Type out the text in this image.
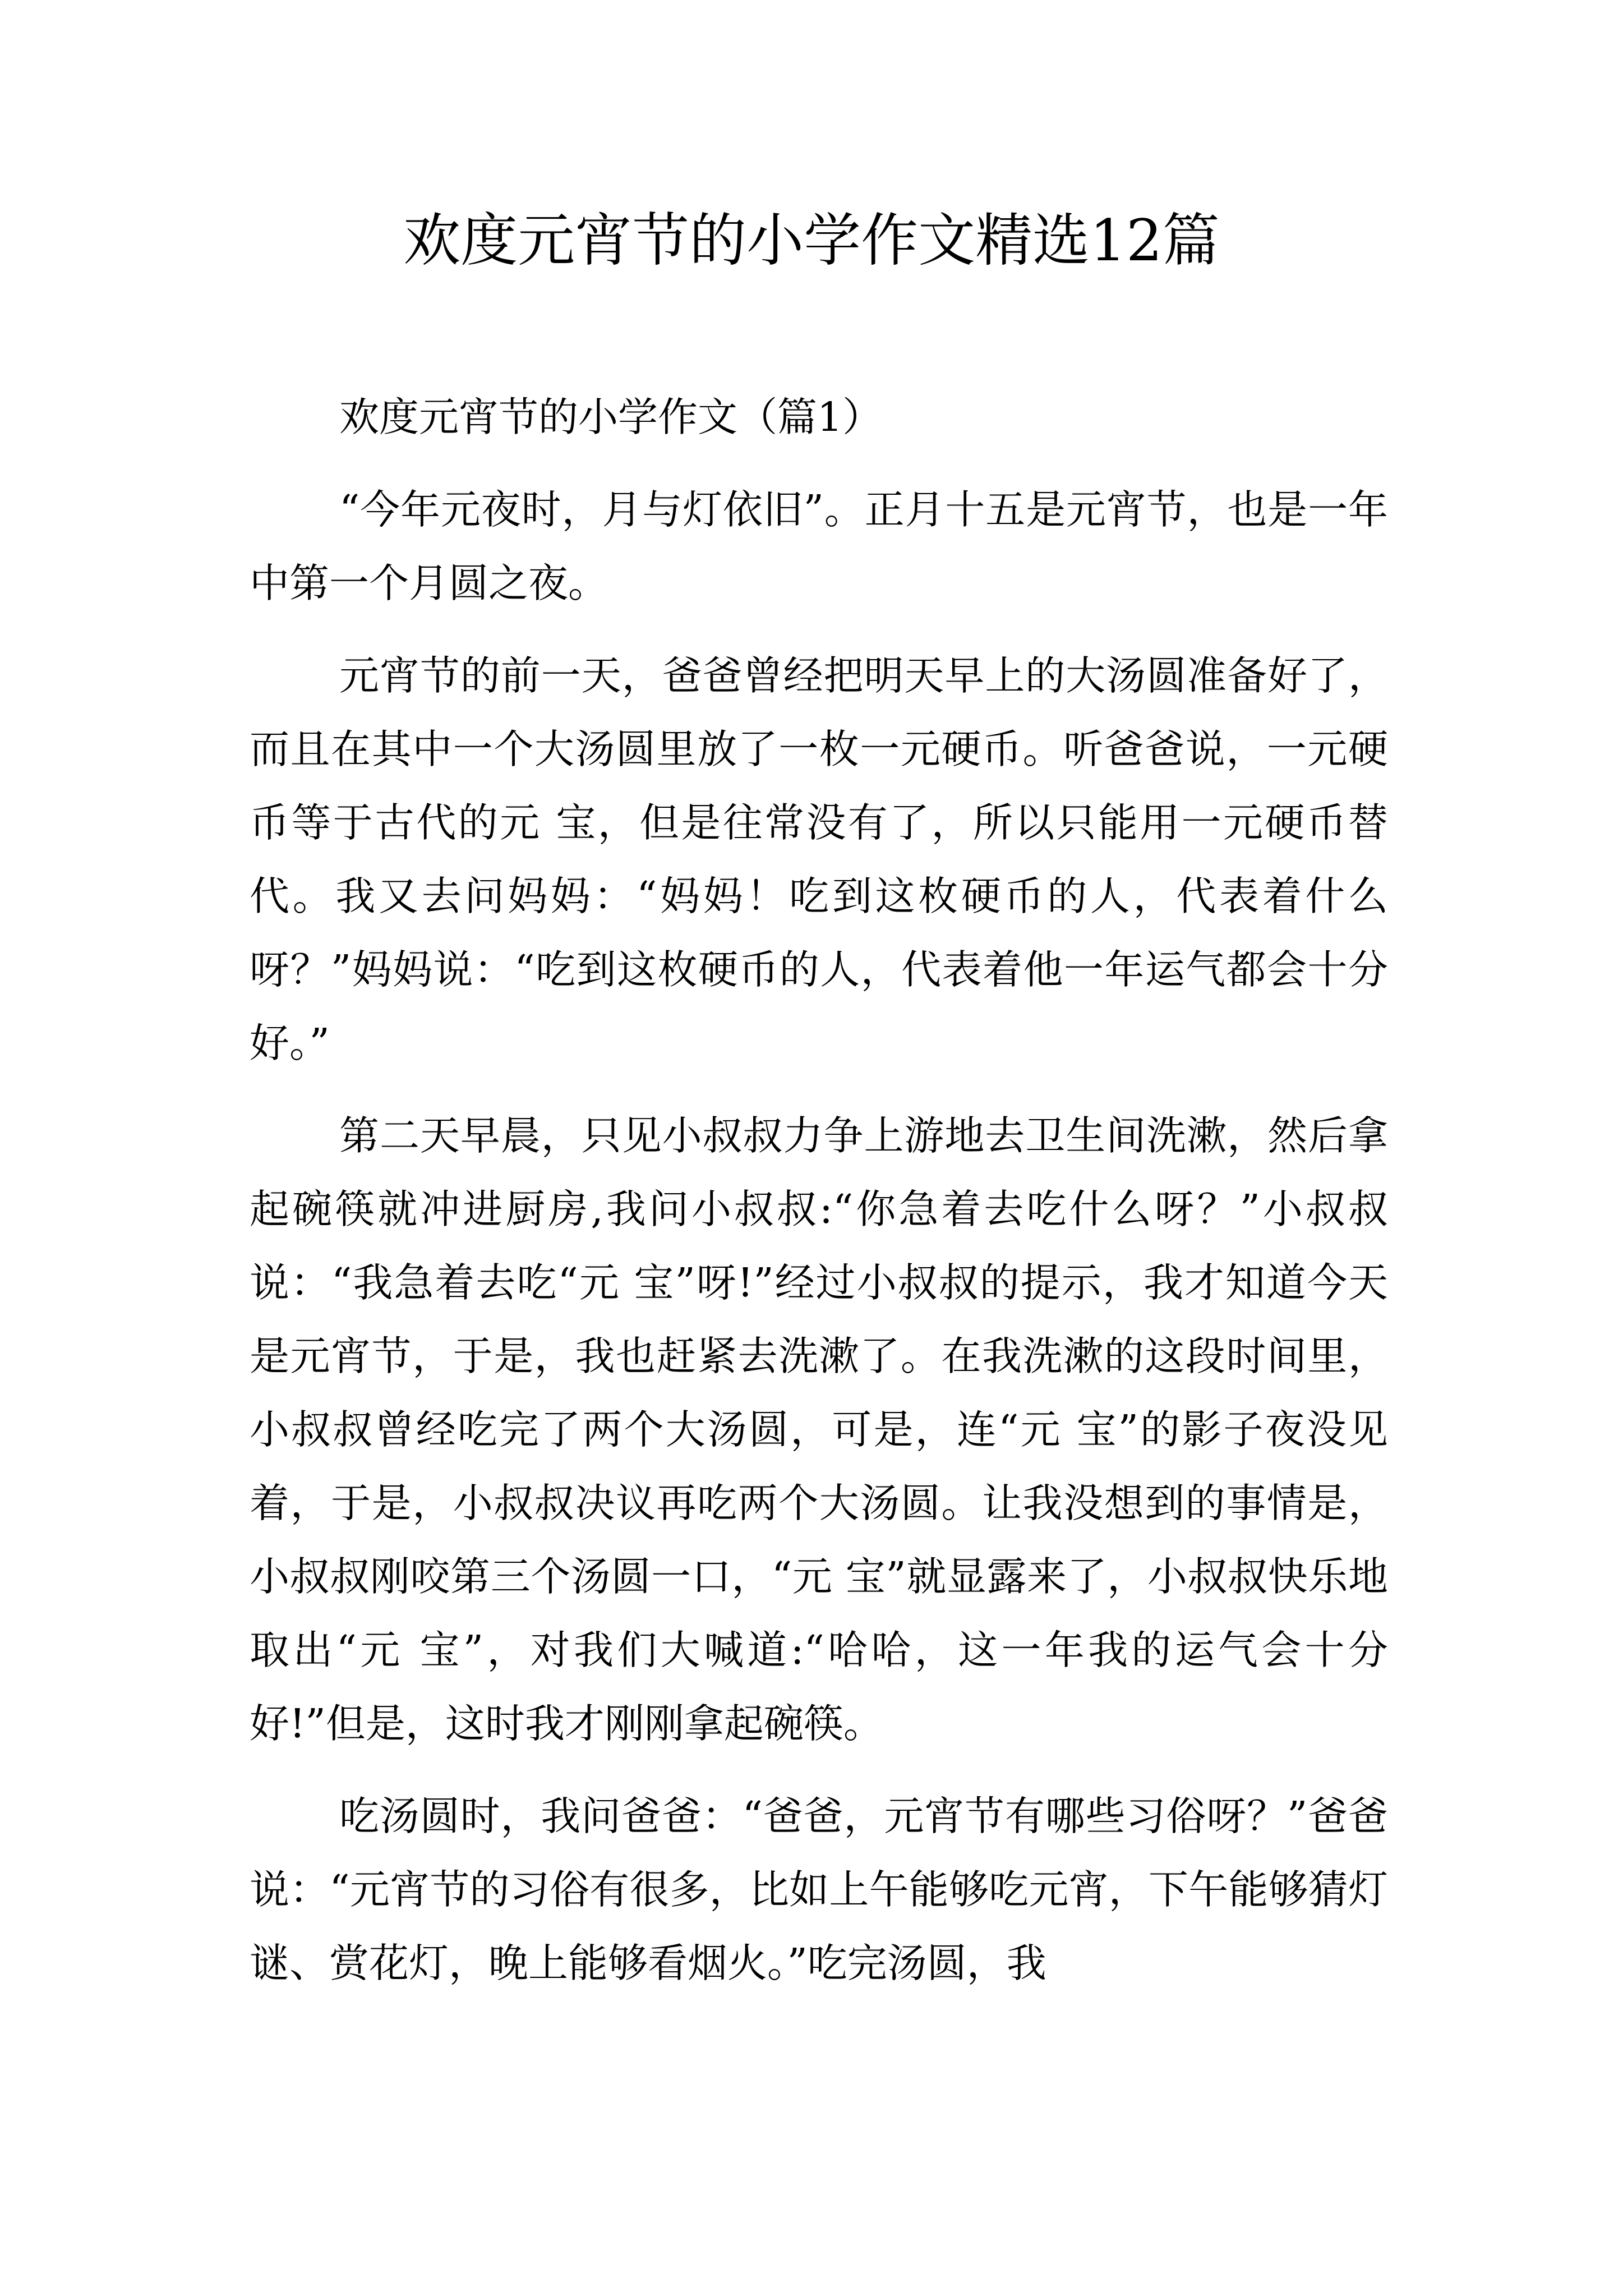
欢度元宵节的小学作文精选12篇

欢度元宵节的小学作文（篇1）

“今年元夜时，月与灯依旧”。正月十五是元宵节，也是一年中第一个月圆之夜。

元宵节的前一天，爸爸曾经把明天早上的大汤圆准备好了，而且在其中一个大汤圆里放了一枚一元硬币。听爸爸说，一元硬币等于古代的元 宝，但是往常没有了，所以只能用一元硬币替代。我又去问妈妈：“妈妈！吃到这枚硬币的人，代表着什么呀？”妈妈说：“吃到这枚硬币的人，代表着他一年运气都会十分好。”

第二天早晨，只见小叔叔力争上游地去卫生间洗漱，然后拿起碗筷就冲进厨房,我问小叔叔:“你急着去吃什么呀？”小叔叔说：“我急着去吃“元 宝”呀!”经过小叔叔的提示，我才知道今天是元宵节，于是，我也赶紧去洗漱了。在我洗漱的这段时间里，小叔叔曾经吃完了两个大汤圆，可是，连“元 宝”的影子夜没见着，于是，小叔叔决议再吃两个大汤圆。让我没想到的事情是，小叔叔刚咬第三个汤圆一口，“元 宝”就显露来了，小叔叔快乐地取出“元 宝”，对我们大喊道:“哈哈，这一年我的运气会十分好!”但是，这时我才刚刚拿起碗筷。

吃汤圆时，我问爸爸：“爸爸，元宵节有哪些习俗呀？”爸爸说：“元宵节的习俗有很多，比如上午能够吃元宵，下午能够猜灯谜、赏花灯，晚上能够看烟火。”吃完汤圆，我
